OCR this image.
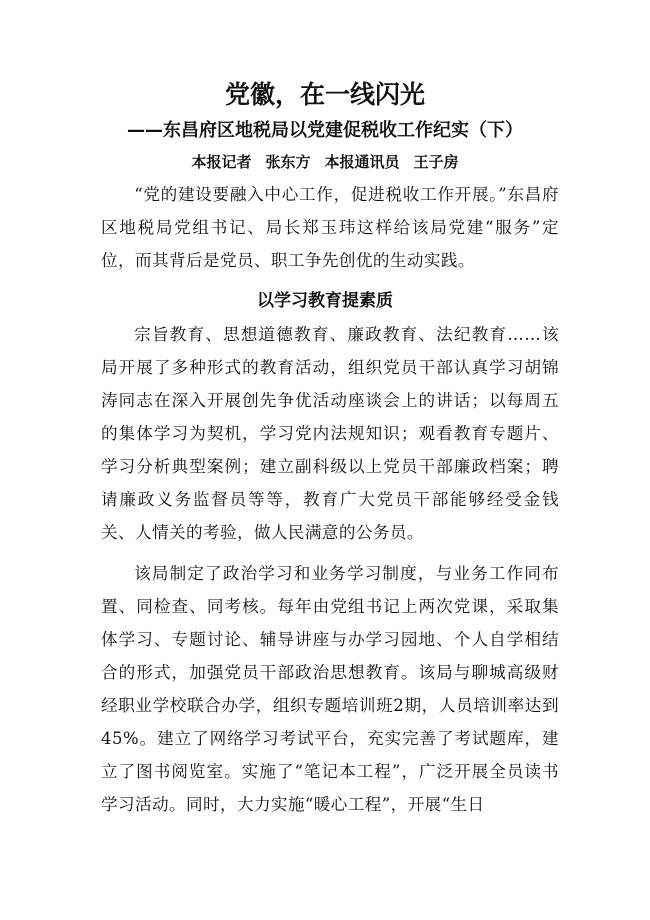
党徽，在一线闪光
——东昌府区地税局以党建促税收工作纪实（下）
本报记者 张东方 本报通讯员 王子房

“党的建设要融入中心工作，促进税收工作开展。”东昌府区地税局党组书记、局长郑玉玮这样给该局党建“服务”定位，而其背后是党员、职工争先创优的生动实践。

以学习教育提素质

宗旨教育、思想道德教育、廉政教育、法纪教育……该局开展了多种形式的教育活动，组织党员干部认真学习胡锦涛同志在深入开展创先争优活动座谈会上的讲话；以每周五的集体学习为契机，学习党内法规知识；观看教育专题片、学习分析典型案例；建立副科级以上党员干部廉政档案；聘请廉政义务监督员等等，教育广大党员干部能够经受金钱关、人情关的考验，做人民满意的公务员。

该局制定了政治学习和业务学习制度，与业务工作同布置、同检查、同考核。每年由党组书记上两次党课，采取集体学习、专题讨论、辅导讲座与办学习园地、个人自学相结合的形式，加强党员干部政治思想教育。该局与聊城高级财经职业学校联合办学，组织专题培训班2期，人员培训率达到45%。建立了网络学习考试平台，充实完善了考试题库，建立了图书阅览室。实施了“笔记本工程”，广泛开展全员读书学习活动。同时，大力实施“暖心工程”，开展“生日
